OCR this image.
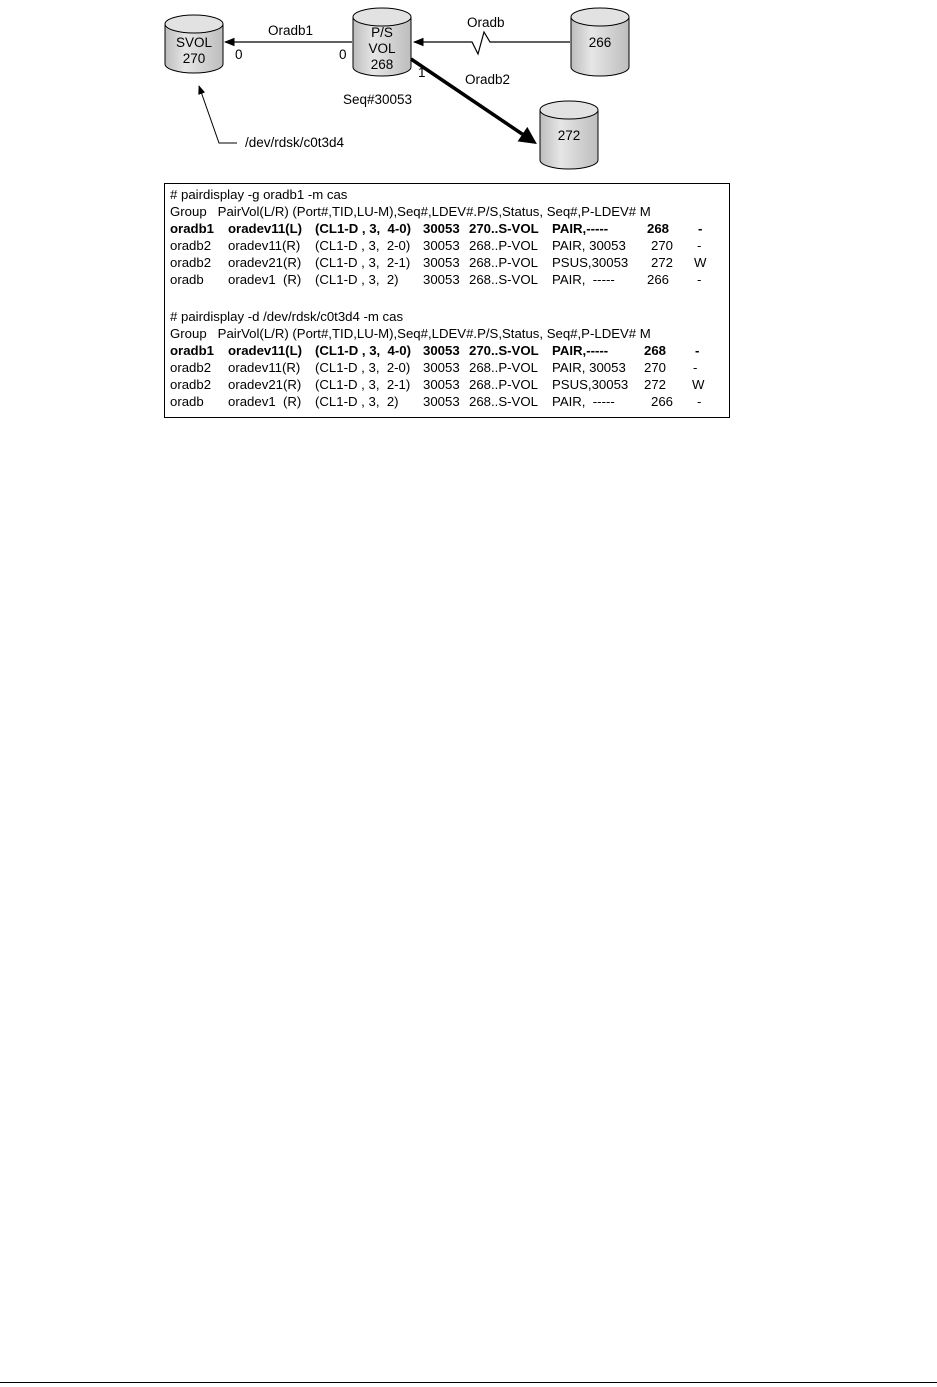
SVOL
270
P/S
VOL
268
266
272
Oradb1
0	0
Oradb
Oradb2
1
Seq#30053
/dev/rdsk/c0t3d4
# pairdisplay -g oradb1 -m cas
Group   PairVol(L/R) (Port#,TID,LU-M),Seq#,LDEV#.P/S,Status, Seq#,P-LDEV# M
oradb1 oradev11(L) (CL1-D , 3,  4-0) 30053 270..S-VOL PAIR,-----	268 -
oradb2 oradev11(R) (CL1-D , 3,  2-0) 30053 268..P-VOL PAIR, 30053 270 -
oradb2 oradev21(R) (CL1-D , 3,  2-1) 30053 268..P-VOL PSUS,30053 272 W
oradb oradev1  (R) (CL1-D , 3,  2) 30053 268..S-VOL PAIR,  ----- 266 -
# pairdisplay -d /dev/rdsk/c0t3d4 -m cas
Group   PairVol(L/R) (Port#,TID,LU-M),Seq#,LDEV#.P/S,Status, Seq#,P-LDEV# M
oradb1 oradev11(L) (CL1-D , 3,  4-0) 30053 270..S-VOL PAIR,-----	268 -
oradb2 oradev11(R) (CL1-D , 3,  2-0) 30053 268..P-VOL PAIR, 30053 270 -
oradb2 oradev21(R) (CL1-D , 3,  2-1) 30053 268..P-VOL PSUS,30053 272 W
oradb oradev1  (R) (CL1-D , 3,  2) 30053 268..S-VOL PAIR,  -----	266 -
